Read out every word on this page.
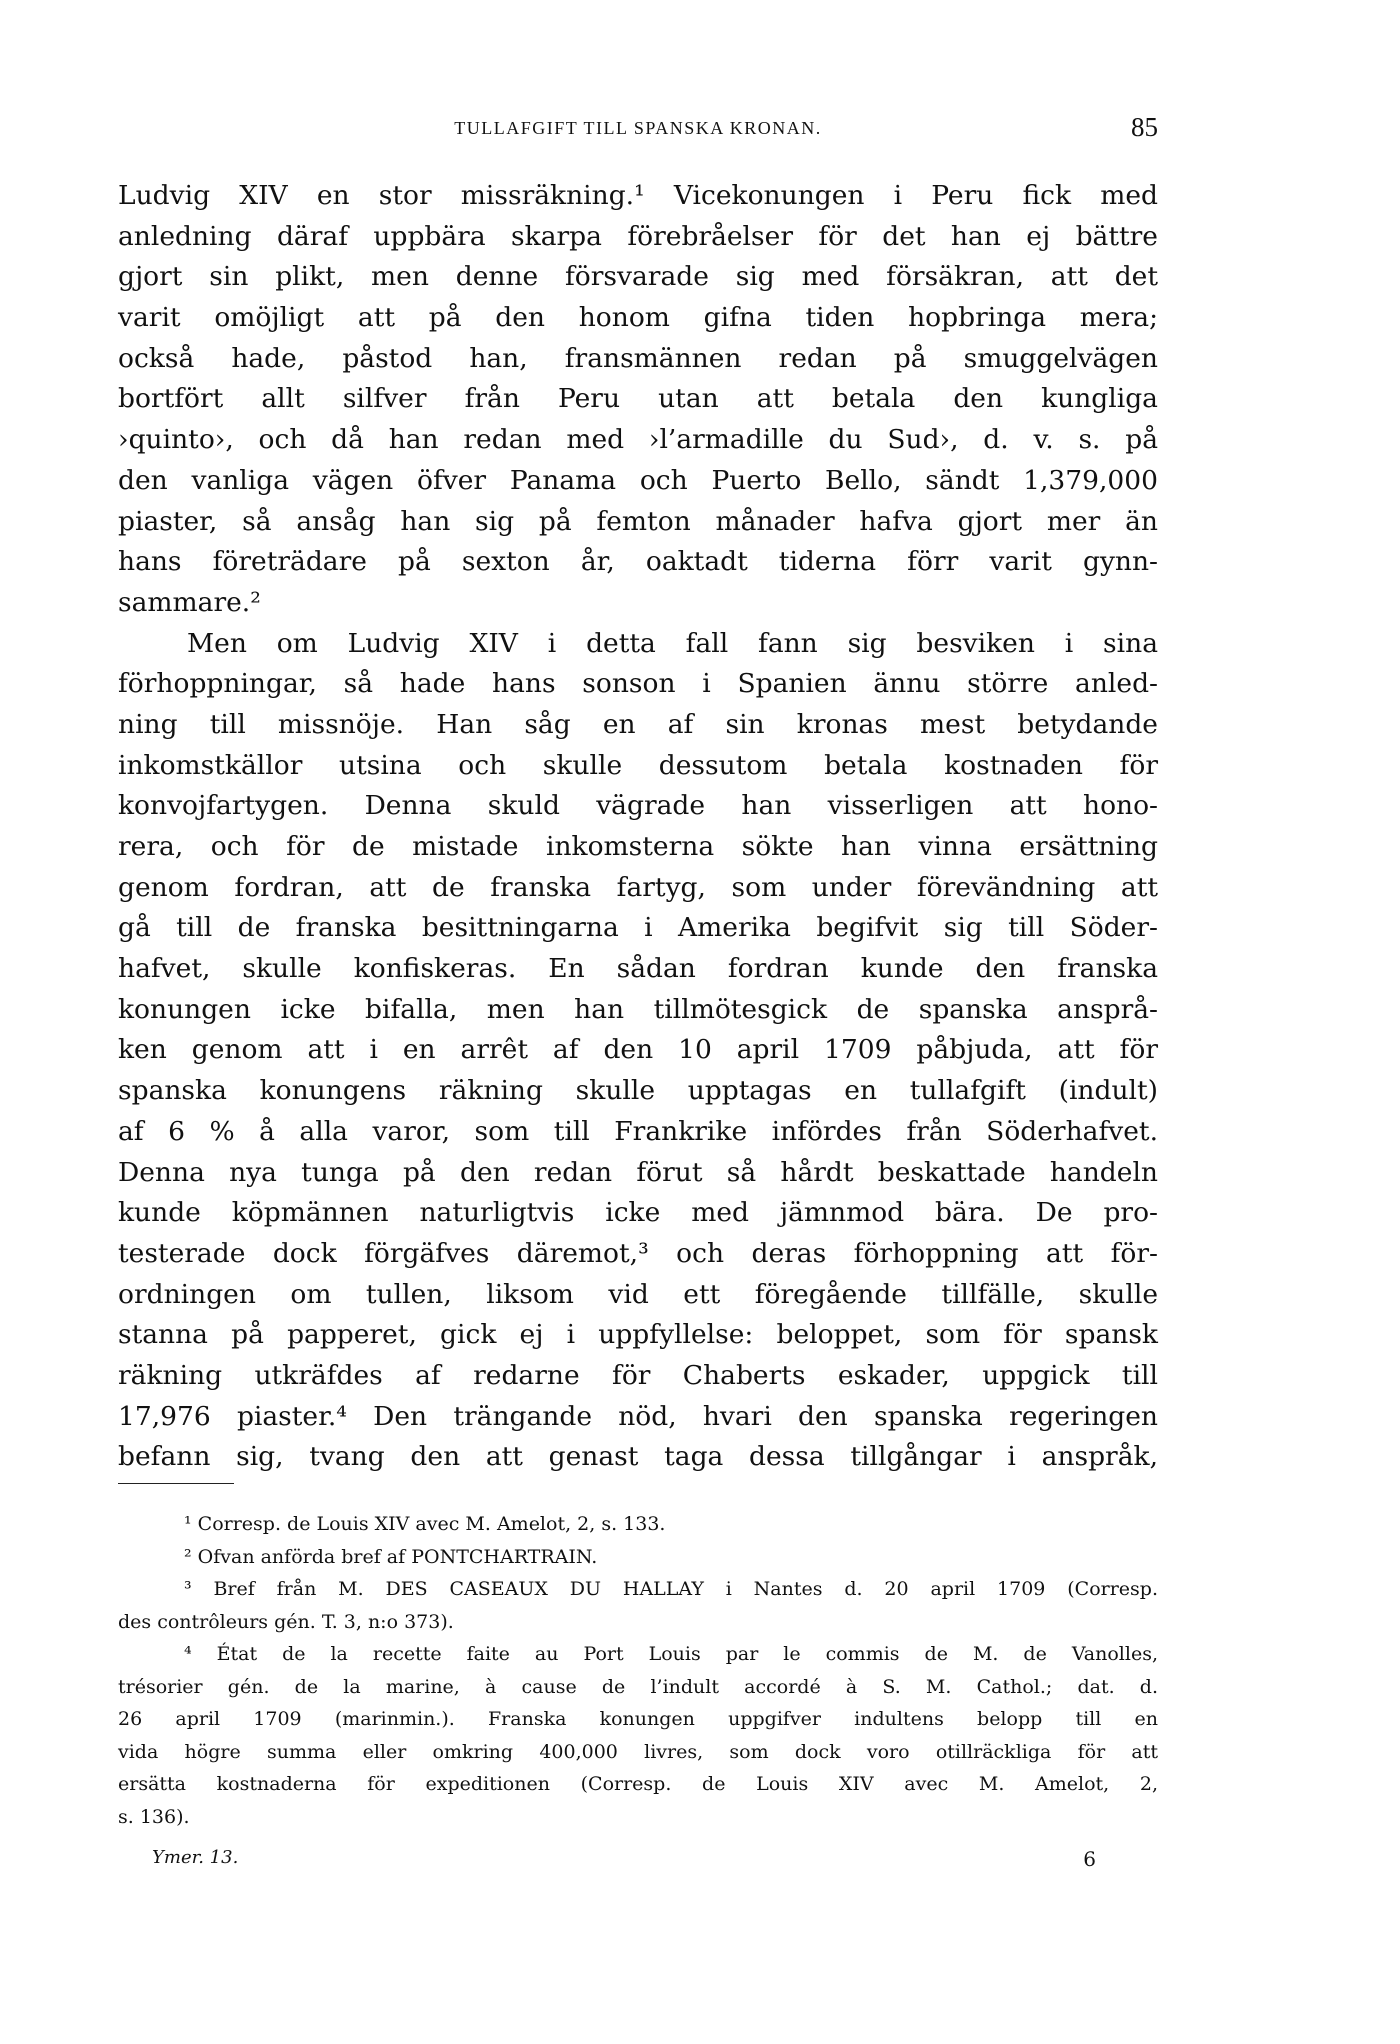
TULLAFGIFT TILL SPANSKA KRONAN.	85
Ludvig XIV en stor missräkning.¹ Vicekonungen i Peru fick med
anledning däraf uppbära skarpa förebråelser för det han ej bättre
gjort sin plikt, men denne försvarade sig med försäkran, att det
varit omöjligt att på den honom gifna tiden hopbringa mera;
också hade, påstod han, fransmännen redan på smuggelvägen
bortfört allt silfver från Peru utan att betala den kungliga
›quinto›, och då han redan med ›l’armadille du Sud›, d. v. s. på
den vanliga vägen öfver Panama och Puerto Bello, sändt 1,379,000
piaster, så ansåg han sig på femton månader hafva gjort mer än
hans företrädare på sexton år, oaktadt tiderna förr varit gynn-
sammare.²
Men om Ludvig XIV i detta fall fann sig besviken i sina
förhoppningar, så hade hans sonson i Spanien ännu större anled-
ning till missnöje. Han såg en af sin kronas mest betydande
inkomstkällor utsina och skulle dessutom betala kostnaden för
konvojfartygen. Denna skuld vägrade han visserligen att hono-
rera, och för de mistade inkomsterna sökte han vinna ersättning
genom fordran, att de franska fartyg, som under förevändning att
gå till de franska besittningarna i Amerika begifvit sig till Söder-
hafvet, skulle konfiskeras. En sådan fordran kunde den franska
konungen icke bifalla, men han tillmötesgick de spanska ansprå-
ken genom att i en arrêt af den 10 april 1709 påbjuda, att för
spanska konungens räkning skulle upptagas en tullafgift (indult)
af 6 % å alla varor, som till Frankrike infördes från Söderhafvet.
Denna nya tunga på den redan förut så hårdt beskattade handeln
kunde köpmännen naturligtvis icke med jämnmod bära. De pro-
testerade dock förgäfves däremot,³ och deras förhoppning att för-
ordningen om tullen, liksom vid ett föregående tillfälle, skulle
stanna på papperet, gick ej i uppfyllelse: beloppet, som för spansk
räkning utkräfdes af redarne för Chaberts eskader, uppgick till
17,976 piaster.⁴ Den trängande nöd, hvari den spanska regeringen
befann sig, tvang den att genast taga dessa tillgångar i anspråk,
¹ Corresp. de Louis XIV avec M. Amelot, 2, s. 133.
² Ofvan anförda bref af PONTCHARTRAIN.
³ Bref från M. DES CASEAUX DU HALLAY i Nantes d. 20 april 1709 (Corresp.
des contrôleurs gén. T. 3, n:o 373).
⁴ État de la recette faite au Port Louis par le commis de M. de Vanolles,
trésorier gén. de la marine, à cause de l’indult accordé à S. M. Cathol.; dat. d.
26 april 1709 (marinmin.). Franska konungen uppgifver indultens belopp till en
vida högre summa eller omkring 400,000 livres, som dock voro otillräckliga för att
ersätta kostnaderna för expeditionen (Corresp. de Louis XIV avec M. Amelot, 2,
s. 136).
Ymer. 13.	6
